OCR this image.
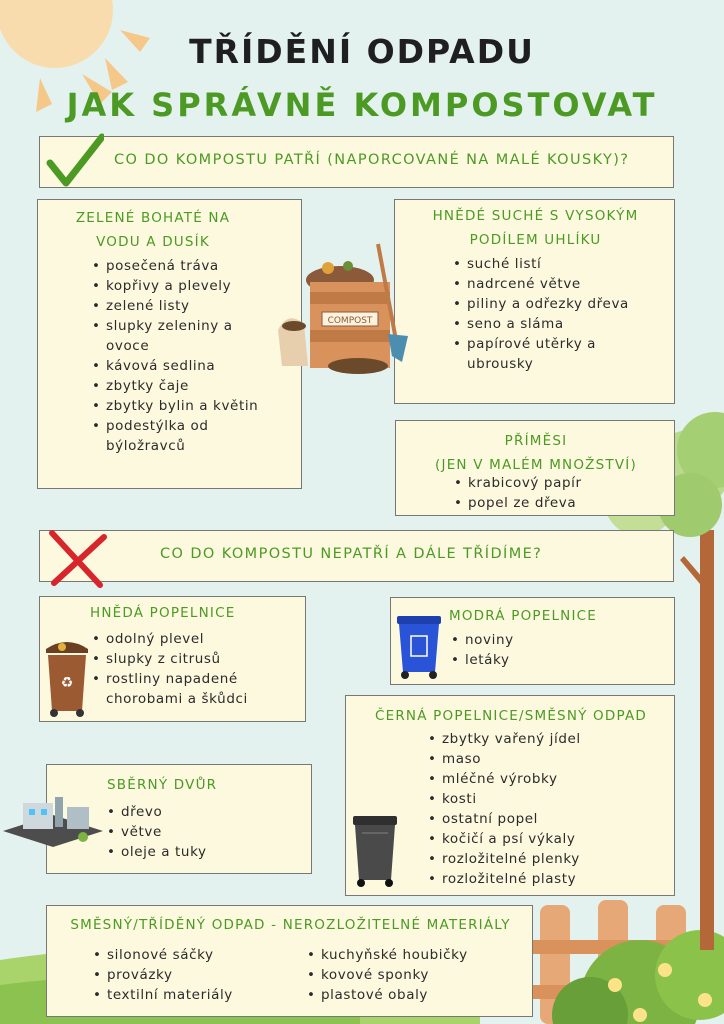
TŘÍDĚNÍ ODPADU
JAK SPRÁVNĚ KOMPOSTOVAT
CO DO KOMPOSTU PATŘÍ (NAPORCOVANÉ NA MALÉ KOUSKY)?
ZELENÉ BOHATÉ NA
VODU A DUSÍK
• posečená tráva
• kopřivy a plevely
• zelené listy
• slupky zeleniny a ovoce
• kávová sedlina
• zbytky čaje
• zbytky bylin a květin
• podestýlka od býložravců
HNĚDÉ SUCHÉ S VYSOKÝM
PODÍLEM UHLÍKU
• suché listí
• nadrcené větve
• piliny a odřezky dřeva
• seno a sláma
• papírové utěrky a ubrousky
COMPOST
PŘÍMĚSI
(JEN V MALÉM MNOŽSTVÍ)
• krabicový papír
• popel ze dřeva
CO DO KOMPOSTU NEPATŘÍ A DÁLE TŘÍDÍME?
HNĚDÁ POPELNICE
♻
• odolný plevel
• slupky z citrusů
• rostliny napadené chorobami a škůdci
MODRÁ POPELNICE
• noviny
• letáky
ČERNÁ POPELNICE/SMĚSNÝ ODPAD
• zbytky vařený jídel
• maso
• mléčné výrobky
• kosti
• ostatní popel
• kočičí a psí výkaly
• rozložitelné plenky
• rozložitelné plasty
SBĚRNÝ DVŮR
• dřevo
• větve
• oleje a tuky
SMĚSNÝ/TŘÍDĚNÝ ODPAD - NEROZLOŽITELNÉ MATERIÁLY
• silonové sáčky
• provázky
• textilní materiály
• kuchyňské houbičky
• kovové sponky
• plastové obaly
